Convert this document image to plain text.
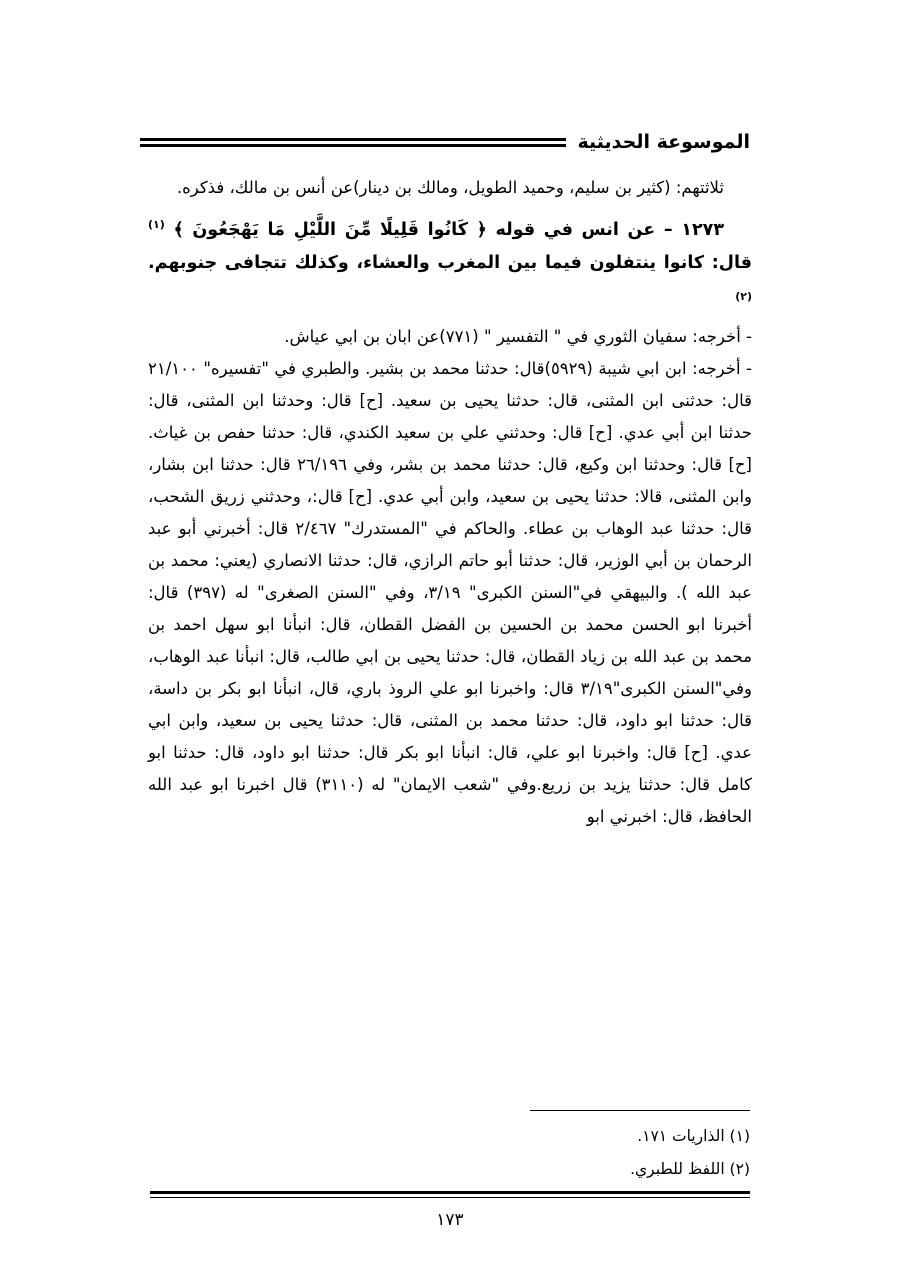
الموسوعة الحديثية

ثلاثتهم: (كثير بن سليم، وحميد الطويل، ومالك بن دينار)عن أنس بن مالك، فذكره.

١٢٧٣ – عن انس في قوله ﴿ كَانُوا قَلِيلًا مِّنَ اللَّيْلِ مَا يَهْجَعُونَ ﴾ $^{(١)}$ قال: كانوا ينتفلون فيما بين المغرب والعشاء، وكذلك تتجافى جنوبهم.$^{(٢)}$

- أخرجه: سفيان الثوري في " التفسير " (٧٧١)عن ابان بن ابي عياش.

- أخرجه: ابن ابي شيبة (٥٩٢٩)قال: حدثنا محمد بن بشير. والطبري في "تفسيره" ٢١/١٠٠ قال: حدثنى ابن المثنى، قال: حدثنا يحيى بن سعيد. [ح] قال: وحدثنا ابن المثنى، قال: حدثنا ابن أبي عدي. [ح] قال: وحدثني علي بن سعيد الكندي، قال: حدثنا حفص بن غياث. [ح] قال: وحدثنا ابن وكيع، قال: حدثنا محمد بن بشر، وفي ٢٦/١٩٦ قال: حدثنا ابن بشار، وابن المثنى، قالا: حدثنا يحيى بن سعيد، وابن أبي عدي. [ح] قال:، وحدثني زريق الشحب، قال: حدثنا عبد الوهاب بن عطاء. والحاكم في "المستدرك" ٢/٤٦٧ قال: أخبرني أبو عبد الرحمان بن أبي الوزير، قال: حدثنا أبو حاتم الرازي، قال: حدثنا الانصاري (يعني: محمد بن عبد الله ). والبيهقي في"السنن الكبرى" ٣/١٩، وفي "السنن الصغرى" له (٣٩٧) قال: أخبرنا ابو الحسن محمد بن الحسين بن الفضل القطان، قال: انبأنا ابو سهل احمد بن محمد بن عبد الله بن زياد القطان، قال: حدثنا يحيى بن ابي طالب، قال: انبأنا عبد الوهاب، وفي"السنن الكبرى"٣/١٩ قال: واخبرنا ابو علي الروذ باري، قال، انبأنا ابو بكر بن داسة، قال: حدثنا ابو داود، قال: حدثنا محمد بن المثنى، قال: حدثنا يحيى بن سعيد، وابن ابي عدي. [ح] قال: واخبرنا ابو علي، قال: انبأنا ابو بكر قال: حدثنا ابو داود، قال: حدثنا ابو كامل قال: حدثنا يزيد بن زريع.وفي "شعب الايمان" له (٣١١٠) قال اخبرنا ابو عبد الله الحافظ، قال: اخبرني ابو

(١) الذاريات ١٧١.
(٢) اللفظ للطبري.
١٧٣
